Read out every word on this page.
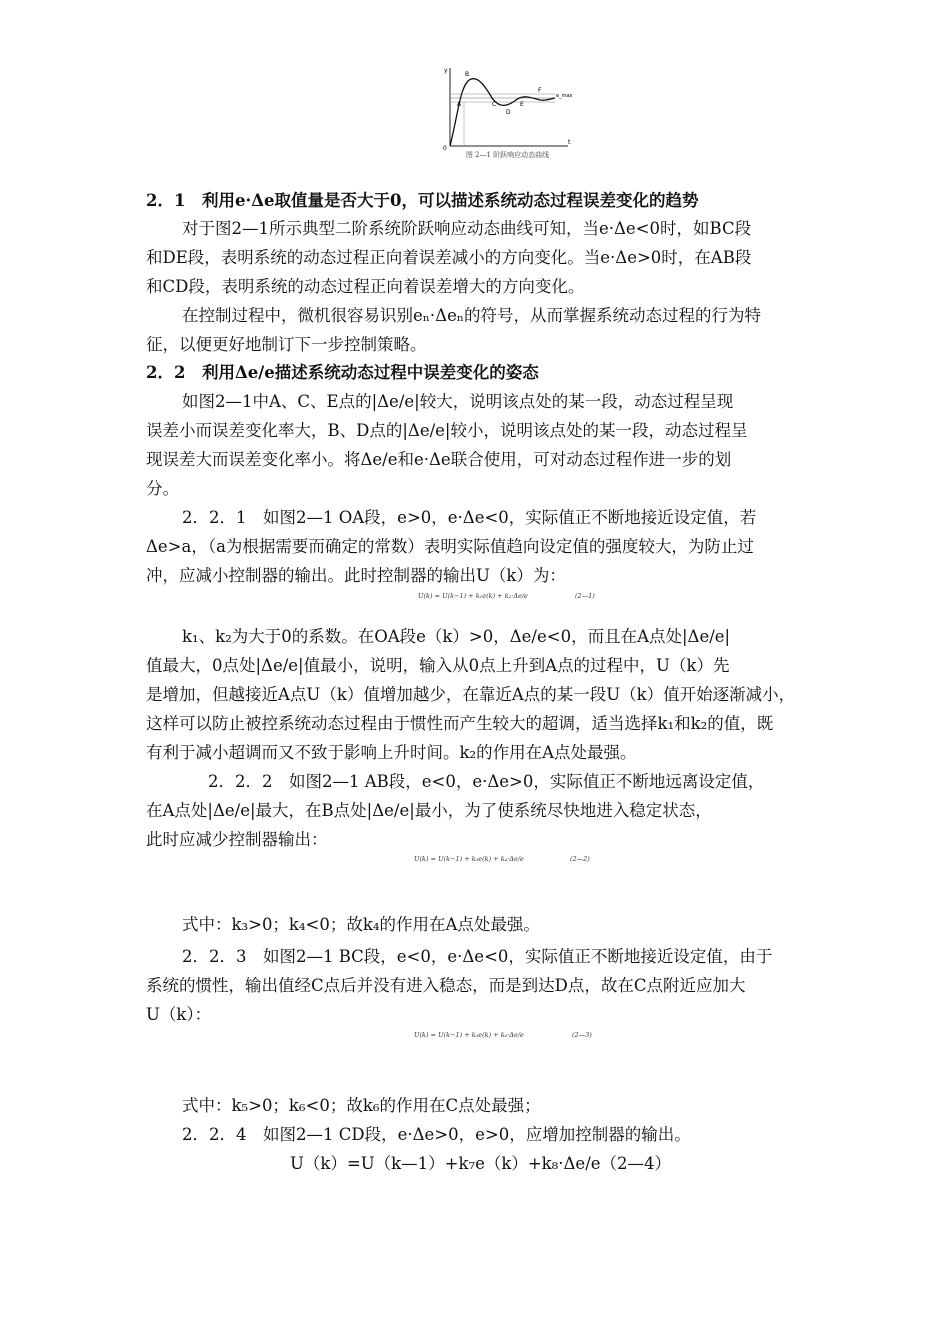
y
t
0
A
B
C
D
E
F
e_max
图 2—1 阶跃响应动态曲线
2．1　利用e·Δe取值量是否大于0，可以描述系统动态过程误差变化的趋势
对于图2—1所示典型二阶系统阶跃响应动态曲线可知，当e·Δe<0时，如BC段
和DE段，表明系统的动态过程正向着误差减小的方向变化。当e·Δe>0时，在AB段
和CD段，表明系统的动态过程正向着误差增大的方向变化。
在控制过程中，微机很容易识别eₙ·Δeₙ的符号，从而掌握系统动态过程的行为特
征，以便更好地制订下一步控制策略。
2．2　利用Δe/e描述系统动态过程中误差变化的姿态
如图2—1中A、C、E点的|Δe/e|较大，说明该点处的某一段，动态过程呈现
误差小而误差变化率大，B、D点的|Δe/e|较小，说明该点处的某一段，动态过程呈
现误差大而误差变化率小。将Δe/e和e·Δe联合使用，可对动态过程作进一步的划
分。
2．2．1　如图2—1 OA段，e>0，e·Δe<0，实际值正不断地接近设定值，若
Δe>a，（a为根据需要而确定的常数）表明实际值趋向设定值的强度较大，为防止过
冲，应减小控制器的输出。此时控制器的输出U（k）为：
U(k) = U(k−1) + k₁e(k) + k₂·Δe/e	(2—1)
k₁、k₂为大于0的系数。在OA段e（k）>0，Δe/e<0，而且在A点处|Δe/e|
值最大，0点处|Δe/e|值最小，说明，输入从0点上升到A点的过程中，U（k）先
是增加，但越接近A点U（k）值增加越少，在靠近A点的某一段U（k）值开始逐渐减小，
这样可以防止被控系统动态过程由于惯性而产生较大的超调，适当选择k₁和k₂的值，既
有利于减小超调而又不致于影响上升时间。k₂的作用在A点处最强。
2．2．2　如图2—1 AB段，e<0，e·Δe>0，实际值正不断地远离设定值，
在A点处|Δe/e|最大，在B点处|Δe/e|最小，为了使系统尽快地进入稳定状态，
此时应减少控制器输出：
U(k) = U(k−1) + k₃e(k) + k₄·Δe/e	(2—2)
式中：k₃>0；k₄<0；故k₄的作用在A点处最强。
2．2．3　如图2—1 BC段，e<0，e·Δe<0，实际值正不断地接近设定值，由于
系统的惯性，输出值经C点后并没有进入稳态，而是到达D点，故在C点附近应加大
U（k）：
U(k) = U(k−1) + k₅e(k) + k₆·Δe/e	(2—3)
式中：k₅>0；k₆<0；故k₆的作用在C点处最强；
2．2．4　如图2—1 CD段，e·Δe>0，e>0，应增加控制器的输出。
U（k）=U（k—1）+k₇e（k）+k₈·Δe/e（2—4）
